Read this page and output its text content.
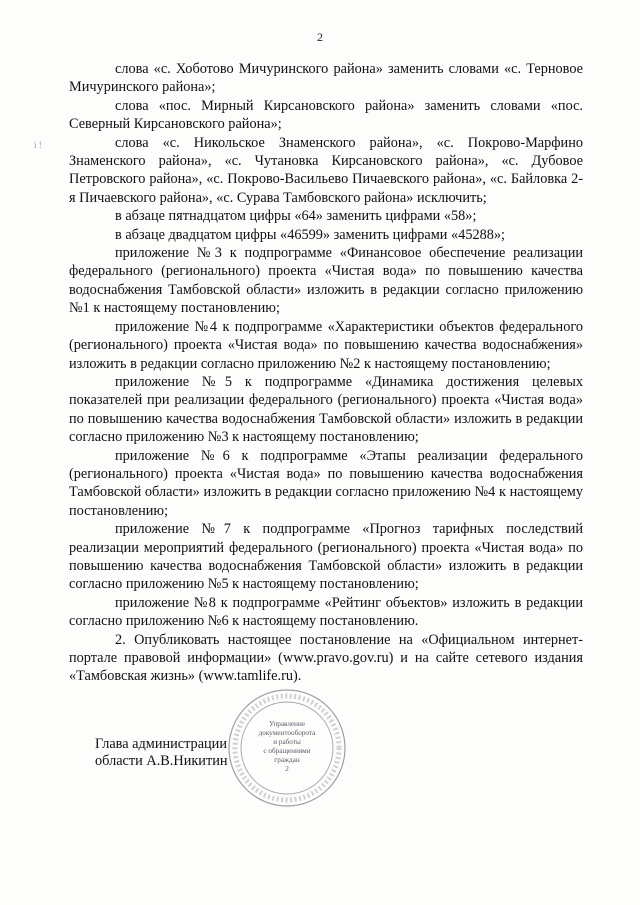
2
і !

слова «с. Хоботово Мичуринского района» заменить словами «с. Терновое Мичуринского района»;

слова «пос. Мирный Кирсановского района» заменить словами «пос. Северный Кирсановского района»;

слова «с. Никольское Знаменского района», «с. Покрово-Марфино Знаменского района», «с. Чутановка Кирсановского района», «с. Дубовое Петровского района», «с. Покрово-Васильево Пичаевского района», «с. Байловка 2-я Пичаевского района», «с. Сурава Тамбовского района» исключить;

в абзаце пятнадцатом цифры «64» заменить цифрами «58»;

в абзаце двадцатом цифры «46599» заменить цифрами «45288»;

приложение №3 к подпрограмме «Финансовое обеспечение реализации федерального (регионального) проекта «Чистая вода» по повышению качества водоснабжения Тамбовской области» изложить в редакции согласно приложению №1 к настоящему постановлению;

приложение №4 к подпрограмме «Характеристики объектов федерального (регионального) проекта «Чистая вода» по повышению качества водоснабжения» изложить в редакции согласно приложению №2 к настоящему постановлению;

приложение №5 к подпрограмме «Динамика достижения целевых показателей при реализации федерального (регионального) проекта «Чистая вода» по повышению качества водоснабжения Тамбовской области» изложить в редакции согласно приложению №3 к настоящему постановлению;

приложение №6 к подпрограмме «Этапы реализации федерального (регионального) проекта «Чистая вода» по повышению качества водоснабжения Тамбовской области» изложить в редакции согласно приложению №4 к настоящему постановлению;

приложение №7 к подпрограмме «Прогноз тарифных последствий реализации мероприятий федерального (регионального) проекта «Чистая вода» по повышению качества водоснабжения Тамбовской области» изложить в редакции согласно приложению №5 к настоящему постановлению;

приложение №8 к подпрограмме «Рейтинг объектов» изложить в редакции согласно приложению №6 к настоящему постановлению.

2. Опубликовать настоящее постановление на «Официальном интернет-портале правовой информации» (www.pravo.gov.ru) и на сайте сетевого издания «Тамбовская жизнь» (www.tamlife.ru).

Глава администрации
области А.В.Никитин
Управление
документооборота
и работы
с обращениями
граждан
2
